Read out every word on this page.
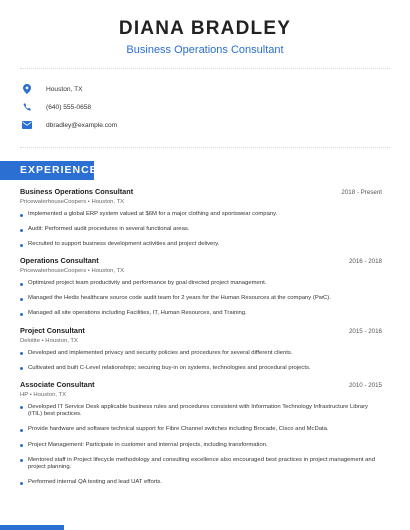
DIANA BRADLEY
Business Operations Consultant
Houston, TX
(640) 555-0658
dbradley@example.com
EXPERIENCE
Business Operations Consultant	2018 - Present
PricewaterhouseCoopers • Houston, TX
Implemented a global ERP system valued at $6M for a major clothing and sportswear company.
Audit: Performed audit procedures in several functional areas.
Recruited to support business development activities and project delivery.
Operations Consultant	2016 - 2018
PricewaterhouseCoopers • Houston, TX
Optimized project team productivity and performance by goal directed project management.
Managed the Hedis healthcare source code audit team for 2 years for the Human Resources at the company (PwC).
Managed all site operations including Facilities, IT, Human Resources, and Training.
Project Consultant	2015 - 2016
Deloitte • Houston, TX
Developed and implemented privacy and security policies and procedures for several different clients.
Cultivated and built C-Level relationships; securing buy-in on systems, technologies and procedural projects.
Associate Consultant	2010 - 2015
HP • Houston, TX
Developed IT Service Desk applicable business rules and procedures consistent with Information Technology Infrastructure Library (ITIL) best practices.
Provide hardware and software technical support for Fibre Channel switches including Brocade, Cisco and McData.
Project Management: Participate in customer and internal projects, including transformation.
Mentored staff in Project lifecycle methodology and consulting excellence also encouraged best practices in project management and project planning.
Performed internal QA testing and lead UAT efforts.
